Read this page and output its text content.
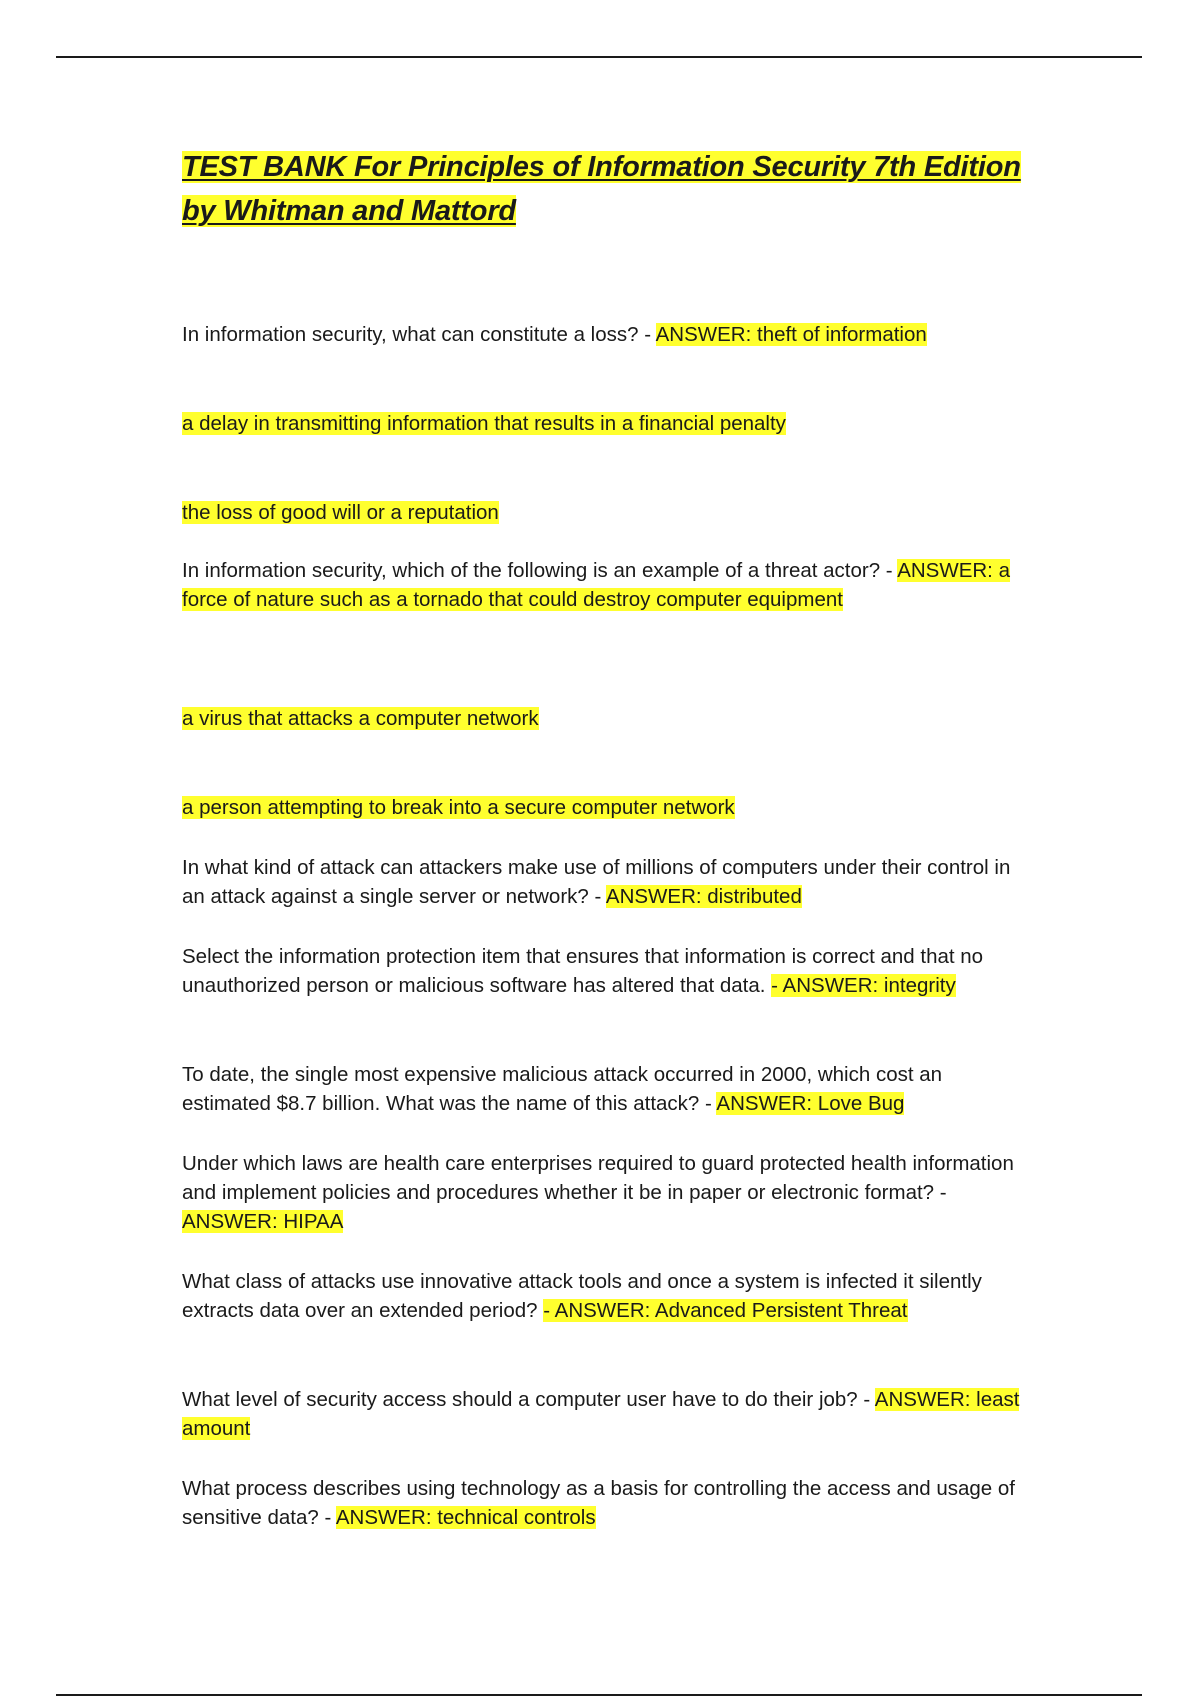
TEST BANK For Principles of Information Security 7th Edition by Whitman and Mattord

In information security, what can constitute a loss? - ANSWER: theft of information

a delay in transmitting information that results in a financial penalty

the loss of good will or a reputation

In information security, which of the following is an example of a threat actor? - ANSWER: a force of nature such as a tornado that could destroy computer equipment

a virus that attacks a computer network

a person attempting to break into a secure computer network

In what kind of attack can attackers make use of millions of computers under their control in an attack against a single server or network? - ANSWER: distributed

Select the information protection item that ensures that information is correct and that no unauthorized person or malicious software has altered that data. - ANSWER: integrity

To date, the single most expensive malicious attack occurred in 2000, which cost an estimated $8.7 billion. What was the name of this attack? - ANSWER: Love Bug

Under which laws are health care enterprises required to guard protected health information and implement policies and procedures whether it be in paper or electronic format? - ANSWER: HIPAA

What class of attacks use innovative attack tools and once a system is infected it silently extracts data over an extended period? - ANSWER: Advanced Persistent Threat

What level of security access should a computer user have to do their job? - ANSWER: least amount

What process describes using technology as a basis for controlling the access and usage of sensitive data? - ANSWER: technical controls
